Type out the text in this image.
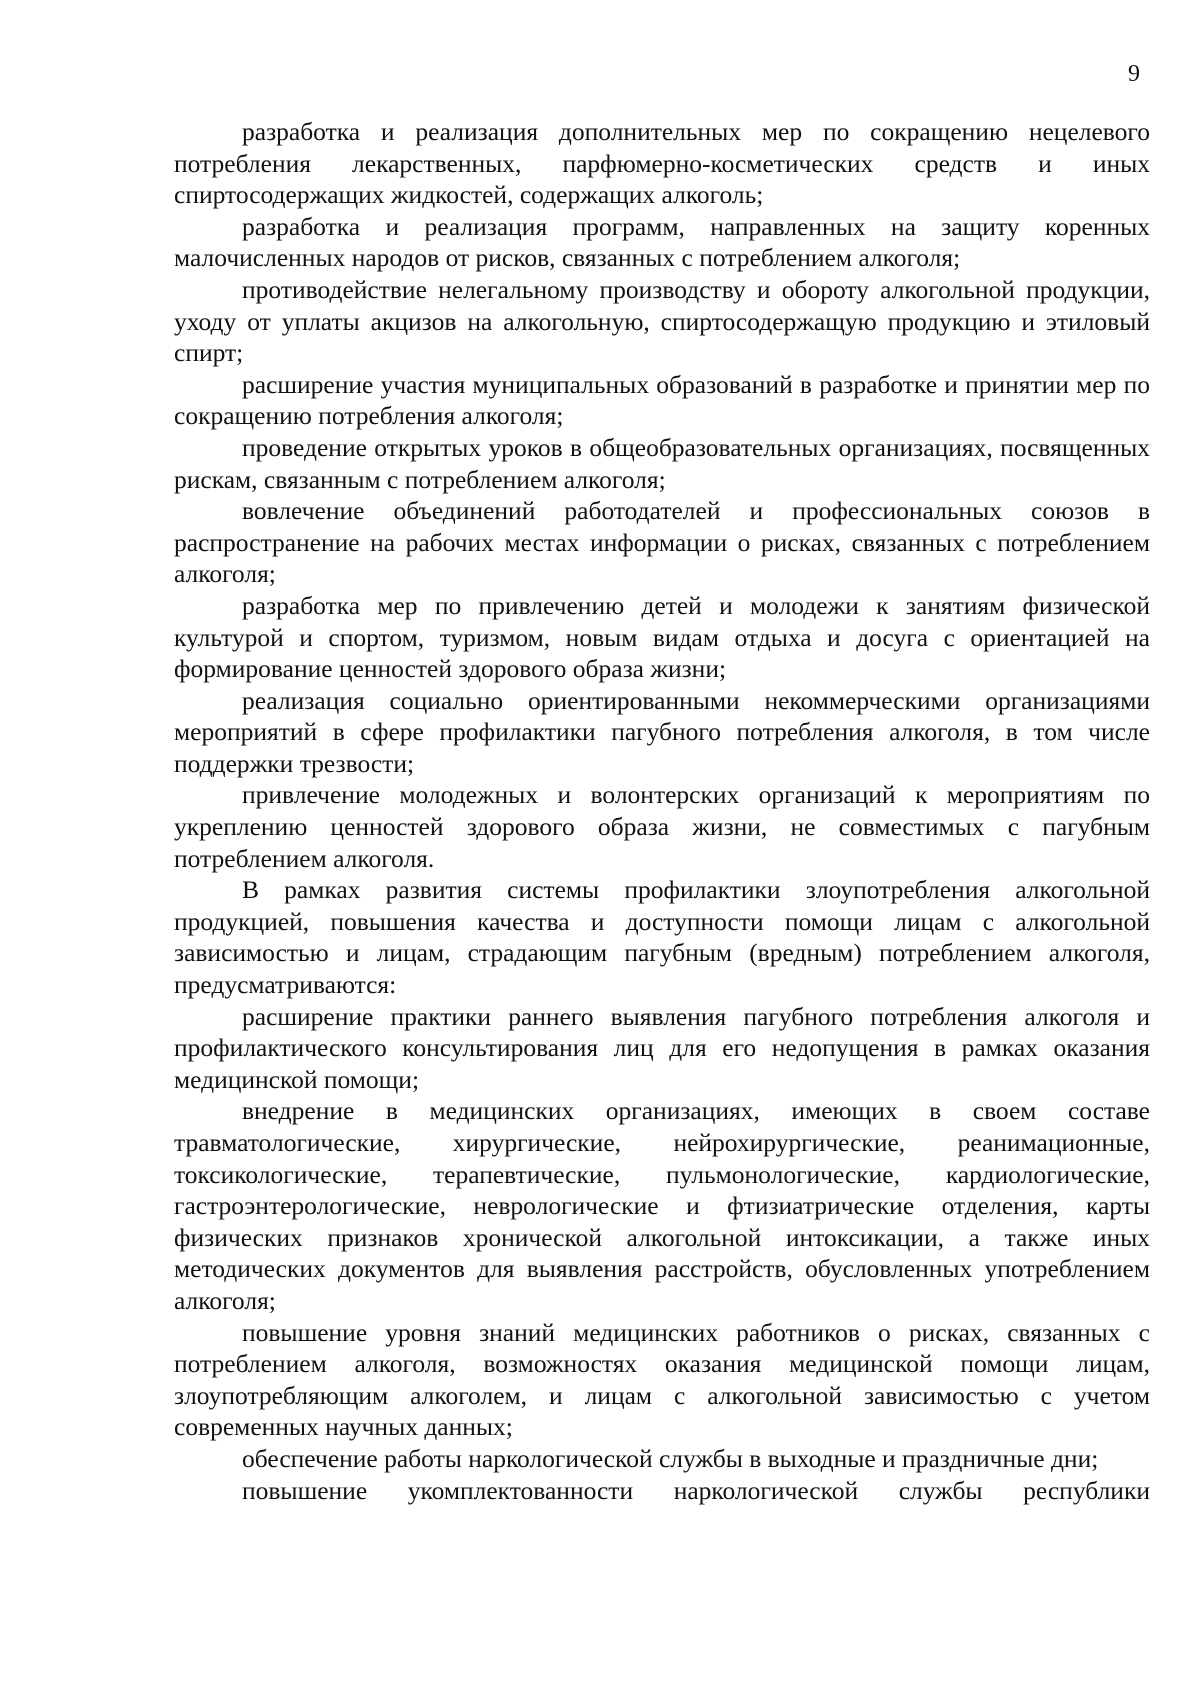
9

разработка и реализация дополнительных мер по сокращению нецелевого потребления лекарственных, парфюмерно-косметических средств и иных спиртосодержащих жидкостей, содержащих алкоголь;

разработка и реализация программ, направленных на защиту коренных малочисленных народов от рисков, связанных с потреблением алкоголя;

противодействие нелегальному производству и обороту алкогольной продукции, уходу от уплаты акцизов на алкогольную, спиртосодержащую продукцию и этиловый спирт;

расширение участия муниципальных образований в разработке и принятии мер по сокращению потребления алкоголя;

проведение открытых уроков в общеобразовательных организациях, посвященных рискам, связанным с потреблением алкоголя;

вовлечение объединений работодателей и профессиональных союзов в распространение на рабочих местах информации о рисках, связанных с потреблением алкоголя;

разработка мер по привлечению детей и молодежи к занятиям физической культурой и спортом, туризмом, новым видам отдыха и досуга с ориентацией на формирование ценностей здорового образа жизни;

реализация социально ориентированными некоммерческими организациями мероприятий в сфере профилактики пагубного потребления алкоголя, в том числе поддержки трезвости;

привлечение молодежных и волонтерских организаций к мероприятиям по укреплению ценностей здорового образа жизни, не совместимых с пагубным потреблением алкоголя.

В рамках развития системы профилактики злоупотребления алкогольной продукцией, повышения качества и доступности помощи лицам с алкогольной зависимостью и лицам, страдающим пагубным (вредным) потреблением алкоголя, предусматриваются:

расширение практики раннего выявления пагубного потребления алкоголя и профилактического консультирования лиц для его недопущения в рамках оказания медицинской помощи;

внедрение в медицинских организациях, имеющих в своем составе травматологические, хирургические, нейрохирургические, реанимационные, токсикологические, терапевтические, пульмонологические, кардиологические, гастроэнтерологические, неврологические и фтизиатрические отделения, карты физических признаков хронической алкогольной интоксикации, а также иных методических документов для выявления расстройств, обусловленных употреблением алкоголя;

повышение уровня знаний медицинских работников о рисках, связанных с потреблением алкоголя, возможностях оказания медицинской помощи лицам, злоупотребляющим алкоголем, и лицам с алкогольной зависимостью с учетом современных научных данных;

обеспечение работы наркологической службы в выходные и праздничные дни;

повышение укомплектованности наркологической службы республики
